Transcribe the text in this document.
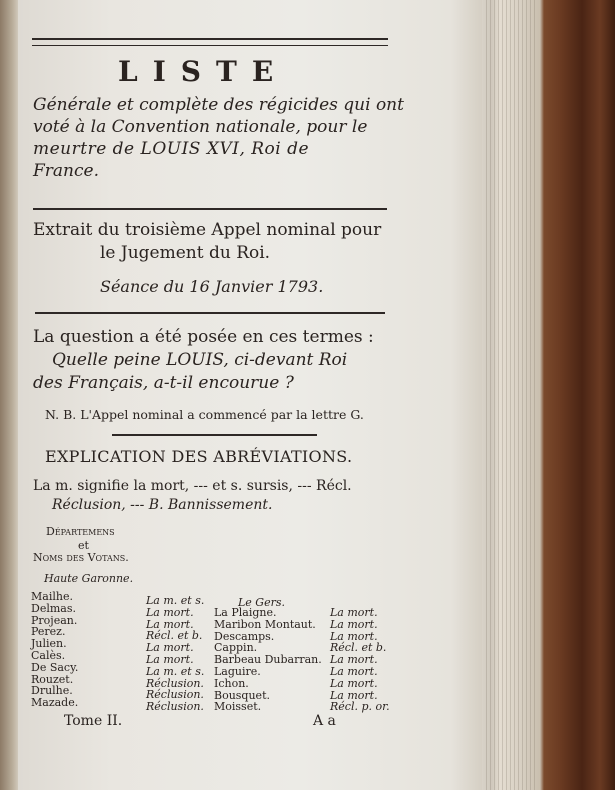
LISTE
Générale et complète des régicides qui ont
voté à la Convention nationale, pour le
meurtre de LOUIS XVI, Roi de
France.
Extrait du troisième Appel nominal pour
le Jugement du Roi.
Séance du 16 Janvier 1793.
La question a été posée en ces termes :
Quelle peine LOUIS, ci-devant Roi
des Français, a-t-il encourue ?
N. B. L'Appel nominal a commencé par la lettre G.
EXPLICATION DES ABRÉVIATIONS.
La m. signifie la mort, --- et s. sursis, --- Récl.
Réclusion, --- B. Bannissement.
Départemens
et
Noms des Votans.
Haute Garonne.
Le Gers.
Mailhe.
Delmas.
Projean.
Perez.
Julien.
Calès.
De Sacy.
Rouzet.
Drulhe.
Mazade.
La m. et s.
La mort.
La mort.
Récl. et b.
La mort.
La mort.
La m. et s.
Réclusion.
Réclusion.
Réclusion.
La Plaigne.
Maribon Montaut.
Descamps.
Cappin.
Barbeau Dubarran.
Laguire.
Ichon.
Bousquet.
Moisset.
La mort.
La mort.
La mort.
Récl. et b.
La mort.
La mort.
La mort.
La mort.
Récl. p. or.
Tome II.	A a
